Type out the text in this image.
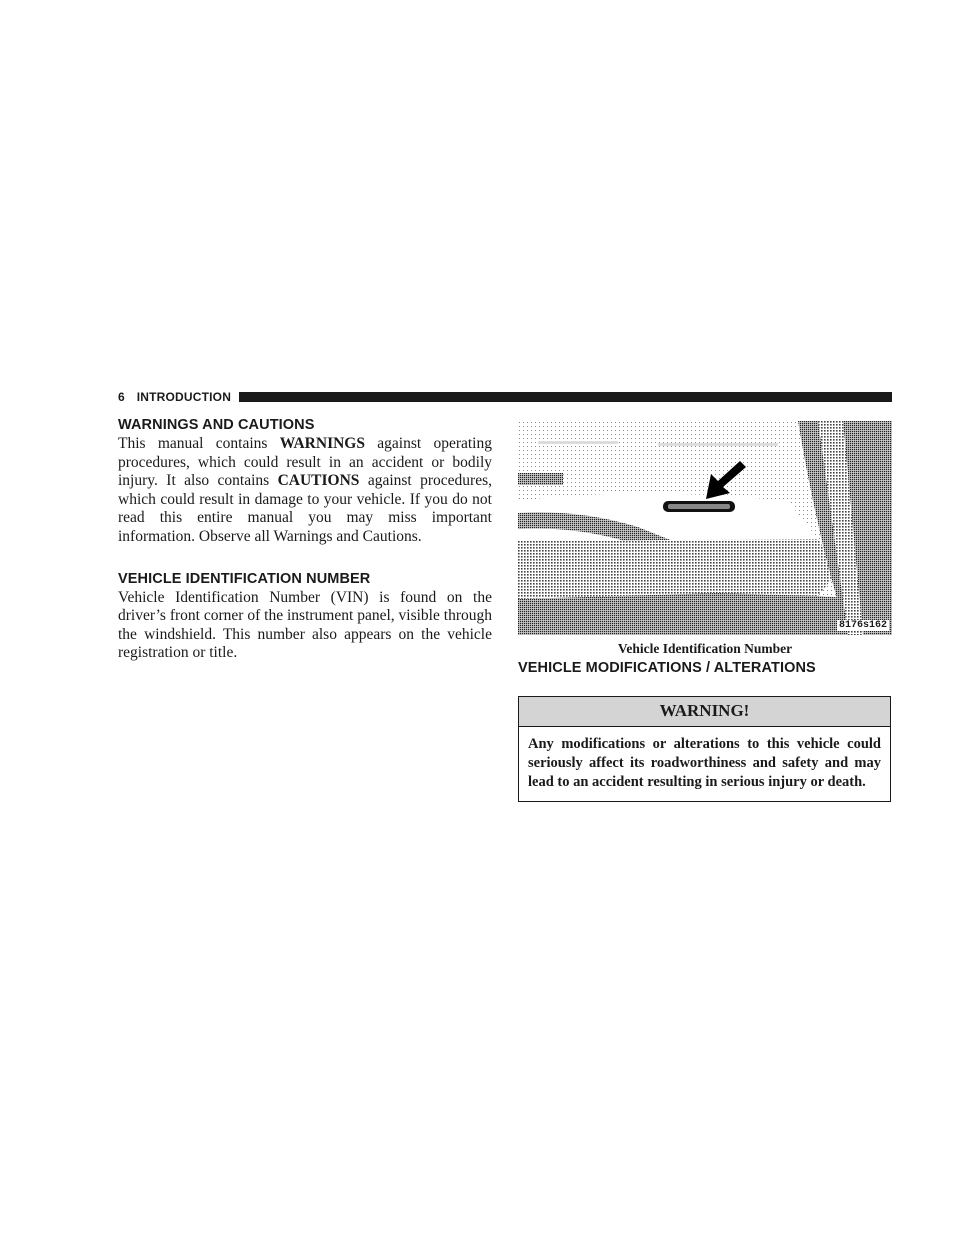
6 INTRODUCTION
WARNINGS AND CAUTIONS

This manual contains WARNINGS against operating procedures, which could result in an accident or bodily injury. It also contains CAUTIONS against procedures, which could result in damage to your vehicle. If you do not read this entire manual you may miss important information. Observe all Warnings and Cautions.

VEHICLE IDENTIFICATION NUMBER

Vehicle Identification Number (VIN) is found on the driver’s front corner of the instrument panel, visible through the windshield. This number also appears on the vehicle registration or title.

8176s162
Vehicle Identification Number
VEHICLE MODIFICATIONS / ALTERATIONS
WARNING!
Any modifications or alterations to this vehicle could seriously affect its roadworthiness and safety and may lead to an accident resulting in serious injury or death.
